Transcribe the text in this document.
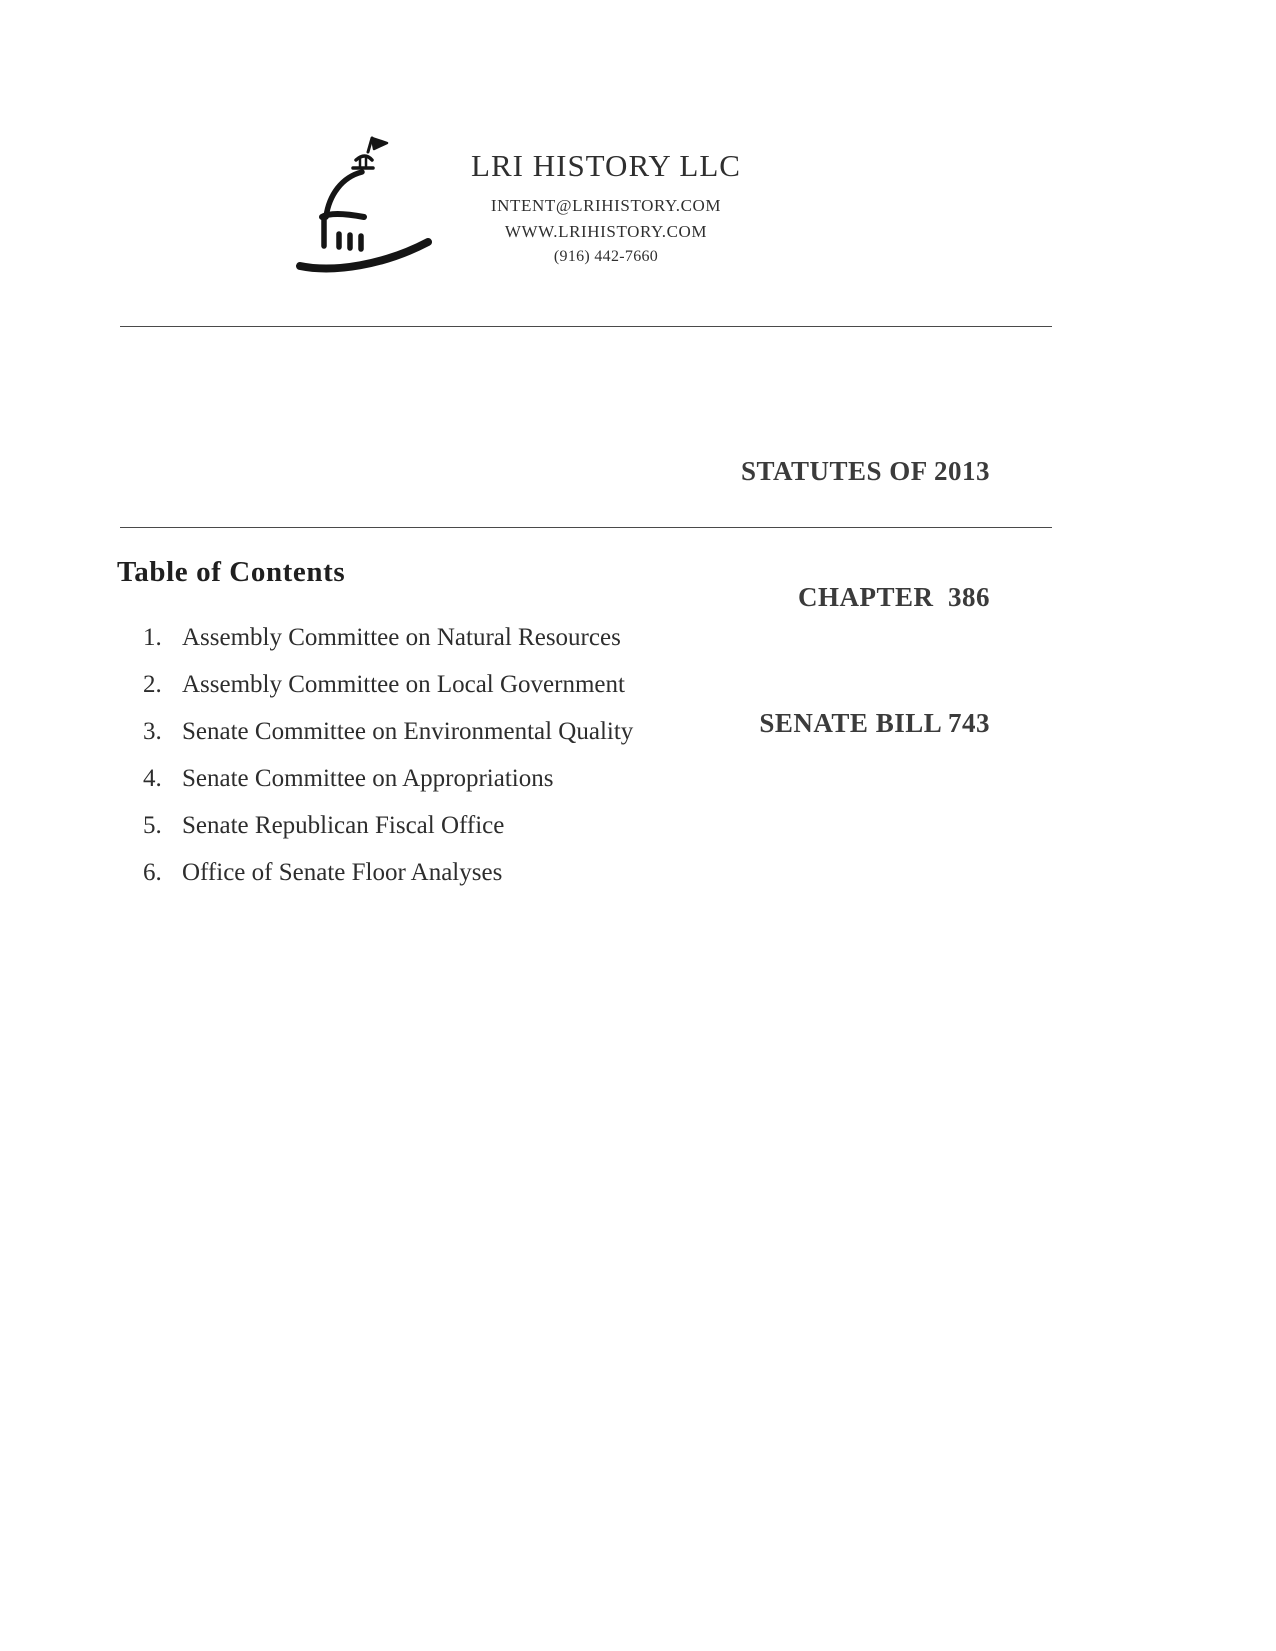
LRI HISTORY LLC
INTENT@LRIHISTORY.COM
WWW.LRIHISTORY.COM
(916) 442-7660

STATUTES OF 2013

CHAPTER  386

SENATE BILL 743

Table of Contents
1. Assembly Committee on Natural Resources
2. Assembly Committee on Local Government
3. Senate Committee on Environmental Quality
4. Senate Committee on Appropriations
5. Senate Republican Fiscal Office
6. Office of Senate Floor Analyses
